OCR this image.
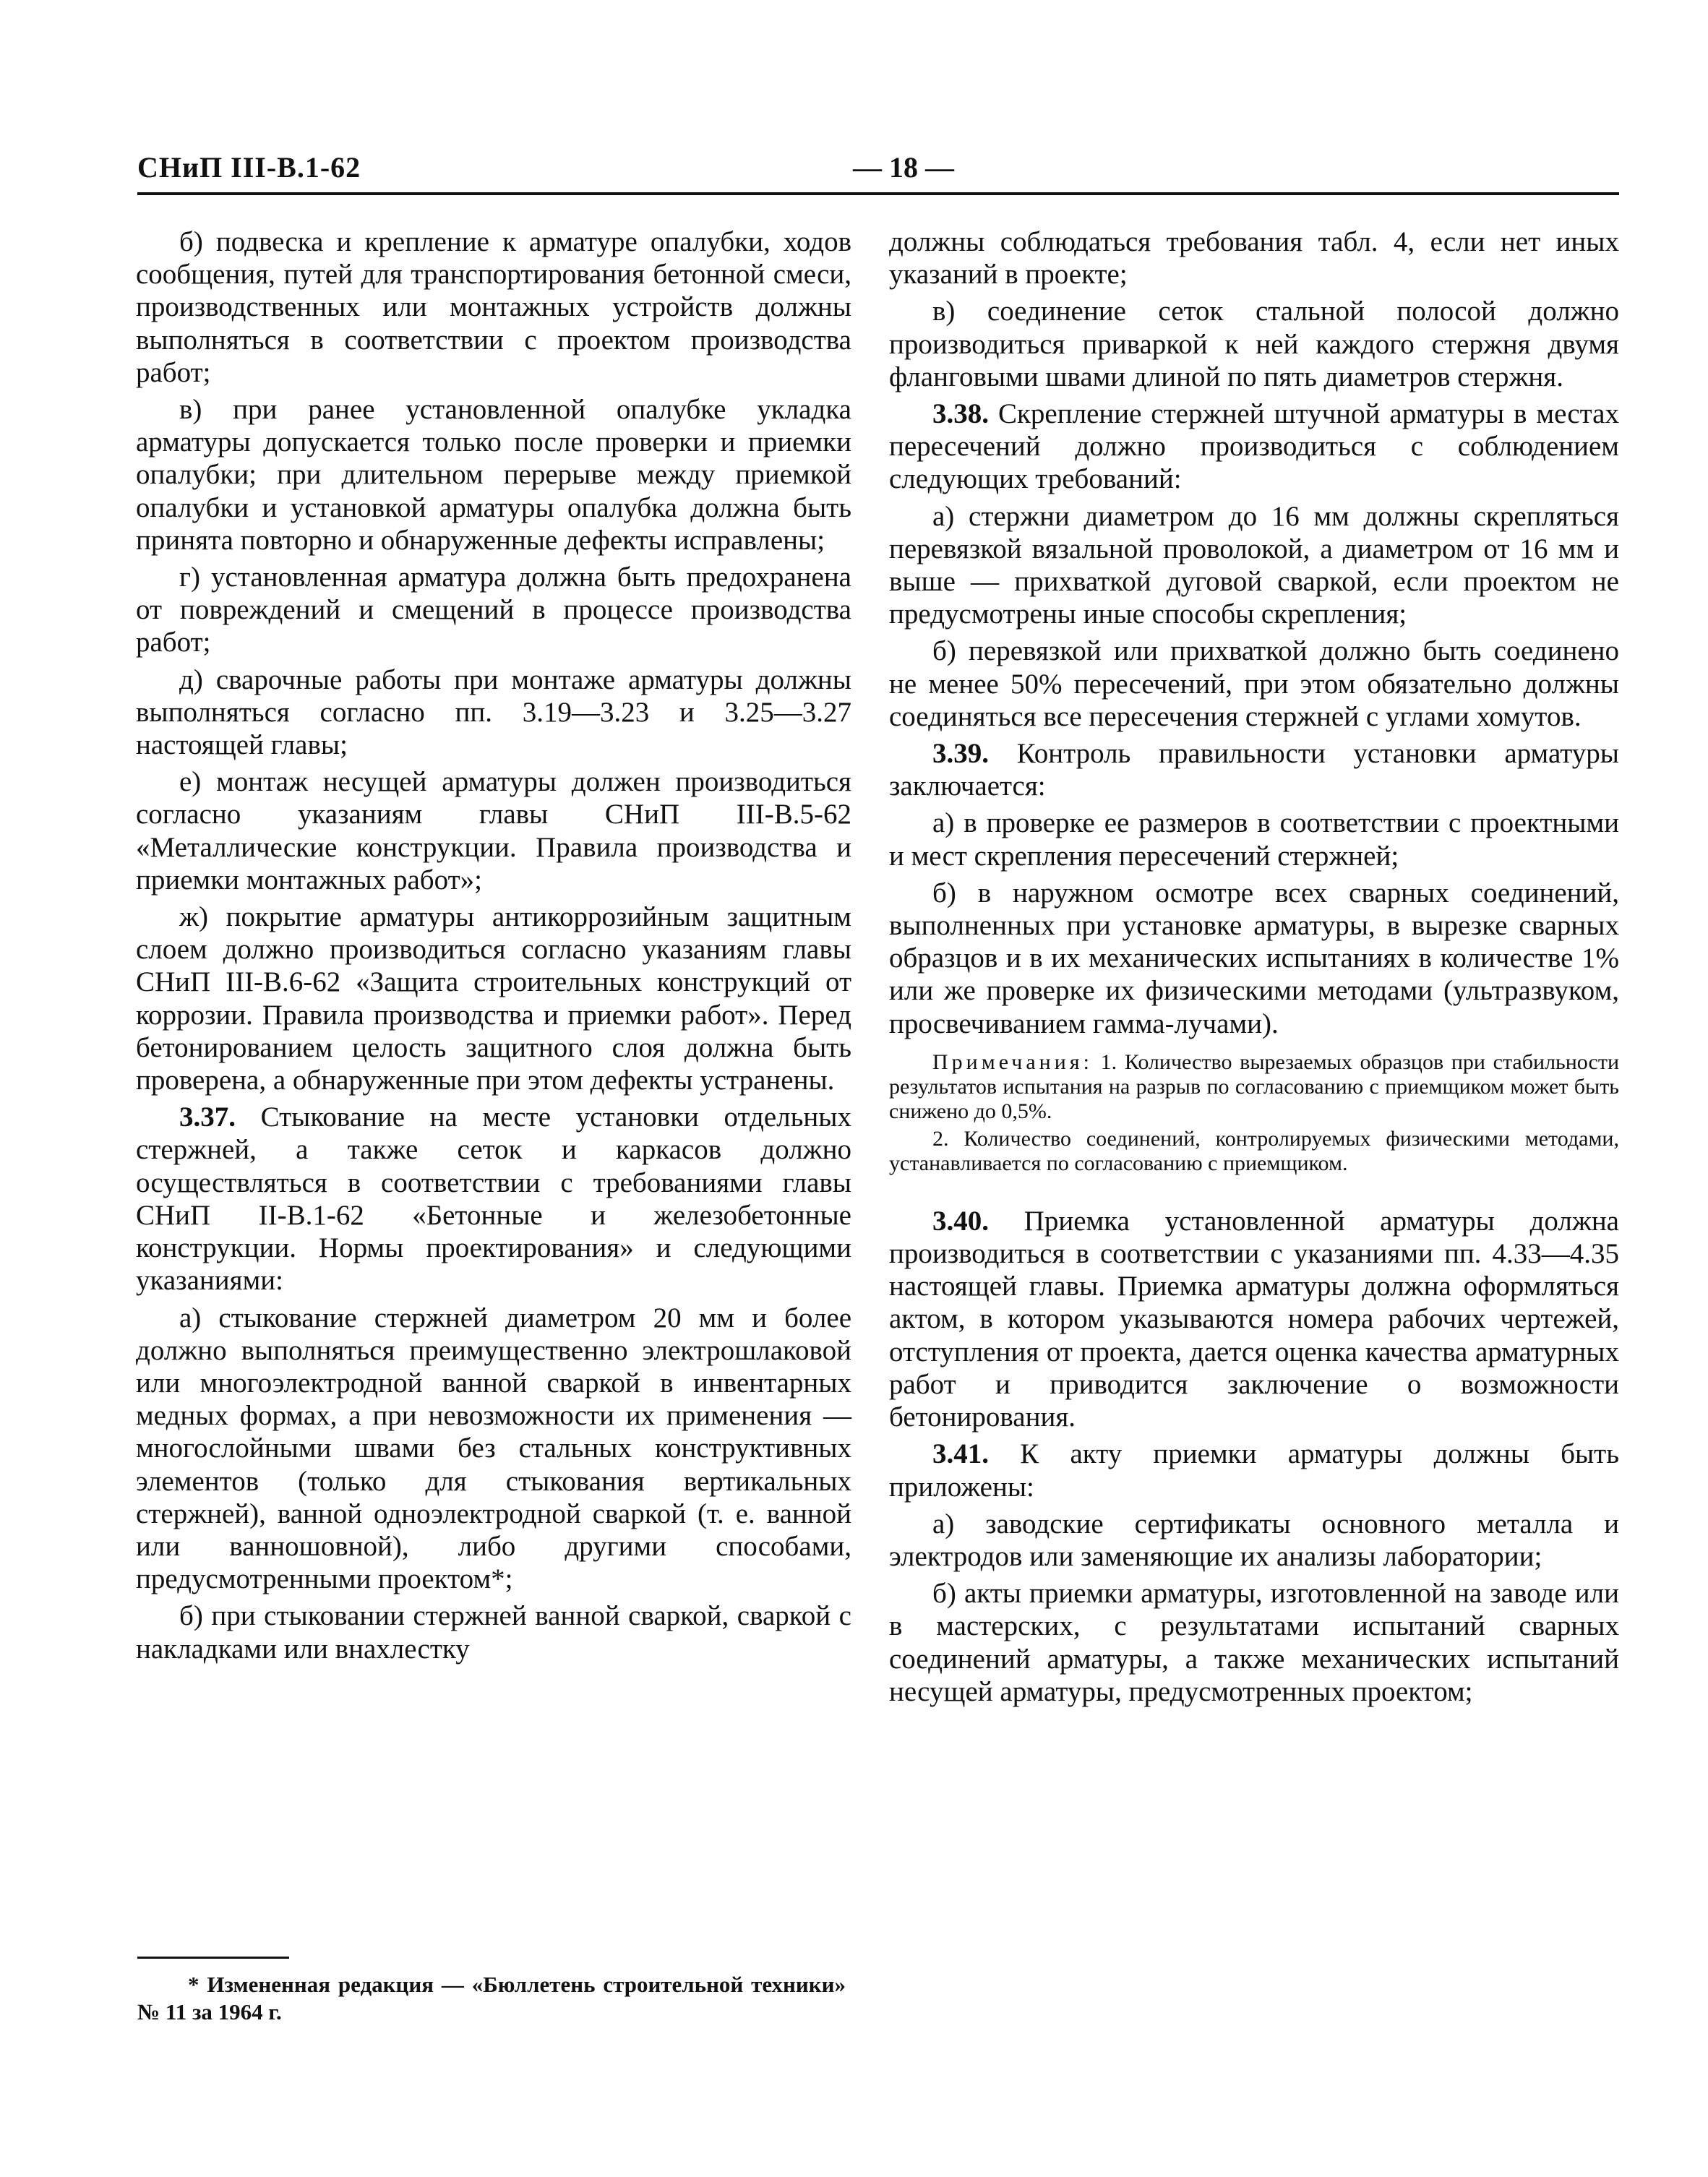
СНиП III-В.1-62	— 18 —

б) подвеска и крепление к арматуре опалубки, ходов сообщения, путей для транспортирования бетонной смеси, производственных или монтажных устройств должны выполняться в соответствии с проектом производства работ;

в) при ранее установленной опалубке укладка арматуры допускается только после проверки и приемки опалубки; при длительном перерыве между приемкой опалубки и установкой арматуры опалубка должна быть принята повторно и обнаруженные дефекты исправлены;

г) установленная арматура должна быть предохранена от повреждений и смещений в процессе производства работ;

д) сварочные работы при монтаже арматуры должны выполняться согласно пп. 3.19—3.23 и 3.25—3.27 настоящей главы;

е) монтаж несущей арматуры должен производиться согласно указаниям главы СНиП III-В.5-62 «Металлические конструкции. Правила производства и приемки монтажных работ»;

ж) покрытие арматуры антикоррозийным защитным слоем должно производиться согласно указаниям главы СНиП III-В.6-62 «Защита строительных конструкций от коррозии. Правила производства и приемки работ». Перед бетонированием целость защитного слоя должна быть проверена, а обнаруженные при этом дефекты устранены.

3.37. Стыкование на месте установки отдельных стержней, а также сеток и каркасов должно осуществляться в соответствии с требованиями главы СНиП II-В.1-62 «Бетонные и железобетонные конструкции. Нормы проектирования» и следующими указаниями:

а) стыкование стержней диаметром 20 мм и более должно выполняться преимущественно электрошлаковой или многоэлектродной ванной сваркой в инвентарных медных формах, а при невозможности их применения — многослойными швами без стальных конструктивных элементов (только для стыкования вертикальных стержней), ванной одноэлектродной сваркой (т. е. ванной или ванношовной), либо другими способами, предусмотренными проектом*;

б) при стыковании стержней ванной сваркой, сваркой с накладками или внахлестку

должны соблюдаться требования табл. 4, если нет иных указаний в проекте;

в) соединение сеток стальной полосой должно производиться приваркой к ней каждого стержня двумя фланговыми швами длиной по пять диаметров стержня.

3.38. Скрепление стержней штучной арматуры в местах пересечений должно производиться с соблюдением следующих требований:

а) стержни диаметром до 16 мм должны скрепляться перевязкой вязальной проволокой, а диаметром от 16 мм и выше — прихваткой дуговой сваркой, если проектом не предусмотрены иные способы скрепления;

б) перевязкой или прихваткой должно быть соединено не менее 50% пересечений, при этом обязательно должны соединяться все пересечения стержней с углами хомутов.

3.39. Контроль правильности установки арматуры заключается:

а) в проверке ее размеров в соответствии с проектными и мест скрепления пересечений стержней;

б) в наружном осмотре всех сварных соединений, выполненных при установке арматуры, в вырезке сварных образцов и в их механических испытаниях в количестве 1% или же проверке их физическими методами (ультразвуком, просвечиванием гамма-лучами).

Примечания: 1. Количество вырезаемых образцов при стабильности результатов испытания на разрыв по согласованию с приемщиком может быть снижено до 0,5%.

2. Количество соединений, контролируемых физическими методами, устанавливается по согласованию с приемщиком.

3.40. Приемка установленной арматуры должна производиться в соответствии с указаниями пп. 4.33—4.35 настоящей главы. Приемка арматуры должна оформляться актом, в котором указываются номера рабочих чертежей, отступления от проекта, дается оценка качества арматурных работ и приводится заключение о возможности бетонирования.

3.41. К акту приемки арматуры должны быть приложены:

а) заводские сертификаты основного металла и электродов или заменяющие их анализы лаборатории;

б) акты приемки арматуры, изготовленной на заводе или в мастерских, с результатами испытаний сварных соединений арматуры, а также механических испытаний несущей арматуры, предусмотренных проектом;

* Измененная редакция — «Бюллетень строительной техники» № 11 за 1964 г.
